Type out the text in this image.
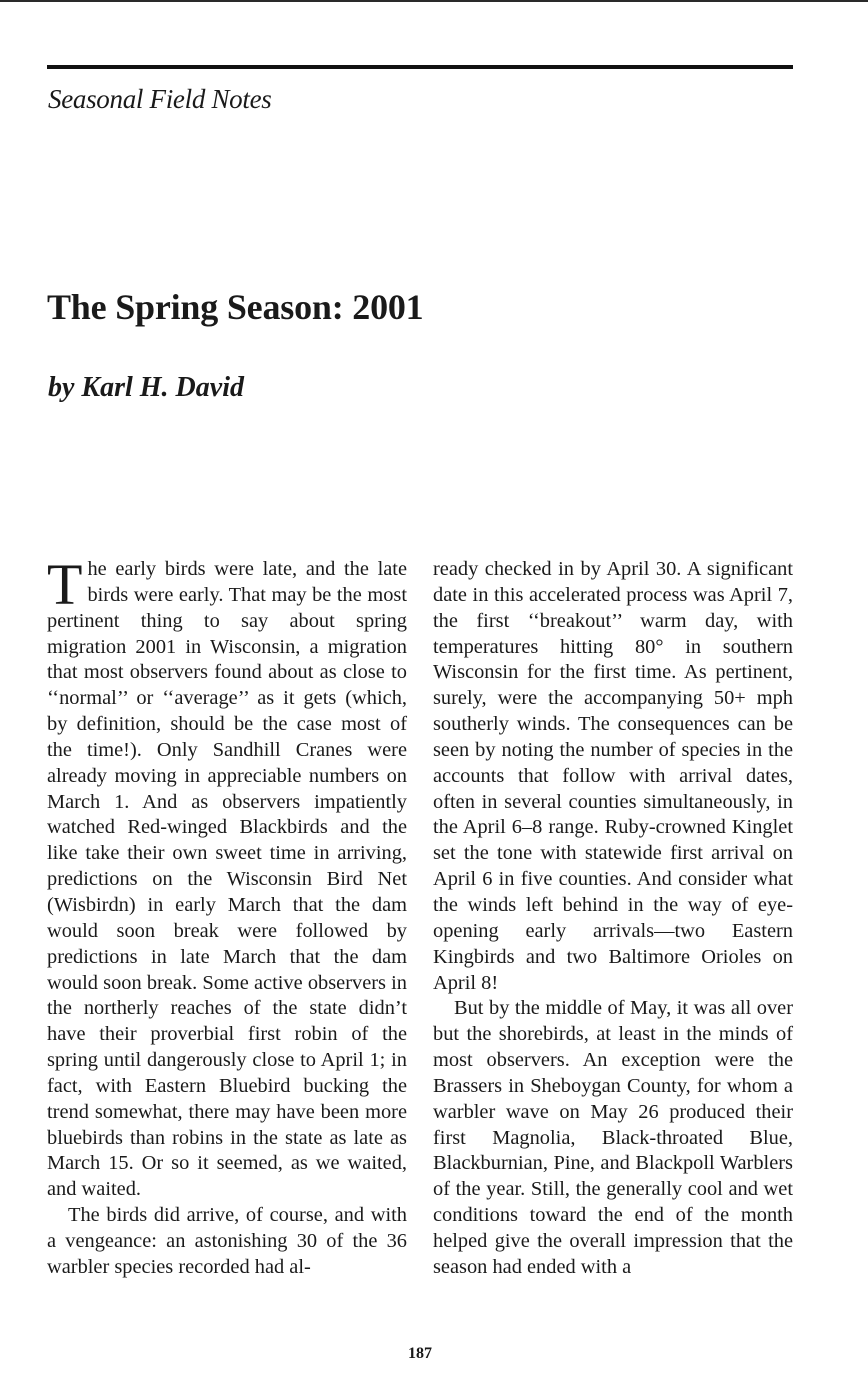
Seasonal Field Notes
The Spring Season: 2001
by Karl H. David

The early birds were late, and the late birds were early. That may be the most pertinent thing to say about spring migration 2001 in Wisconsin, a migration that most observers found about as close to ‘‘normal’’ or ‘‘average’’ as it gets (which, by definition, should be the case most of the time!). Only Sandhill Cranes were already moving in appreciable numbers on March 1. And as observers impatiently watched Red-winged Blackbirds and the like take their own sweet time in arriving, predictions on the Wisconsin Bird Net (Wisbirdn) in early March that the dam would soon break were followed by predictions in late March that the dam would soon break. Some active observers in the northerly reaches of the state didn’t have their proverbial first robin of the spring until dangerously close to April 1; in fact, with Eastern Bluebird bucking the trend somewhat, there may have been more bluebirds than robins in the state as late as March 15. Or so it seemed, as we waited, and waited.

The birds did arrive, of course, and with a vengeance: an astonishing 30 of the 36 warbler species recorded had al-

ready checked in by April 30. A significant date in this accelerated process was April 7, the first ‘‘breakout’’ warm day, with temperatures hitting 80° in southern Wisconsin for the first time. As pertinent, surely, were the accompanying 50+ mph southerly winds. The consequences can be seen by noting the number of species in the accounts that follow with arrival dates, often in several counties simultaneously, in the April 6–8 range. Ruby-crowned Kinglet set the tone with statewide first arrival on April 6 in five counties. And consider what the winds left behind in the way of eye-opening early arrivals—two Eastern Kingbirds and two Baltimore Orioles on April 8!

But by the middle of May, it was all over but the shorebirds, at least in the minds of most observers. An exception were the Brassers in Sheboygan County, for whom a warbler wave on May 26 produced their first Magnolia, Black-throated Blue, Blackburnian, Pine, and Blackpoll Warblers of the year. Still, the generally cool and wet conditions toward the end of the month helped give the overall impression that the season had ended with a

187
